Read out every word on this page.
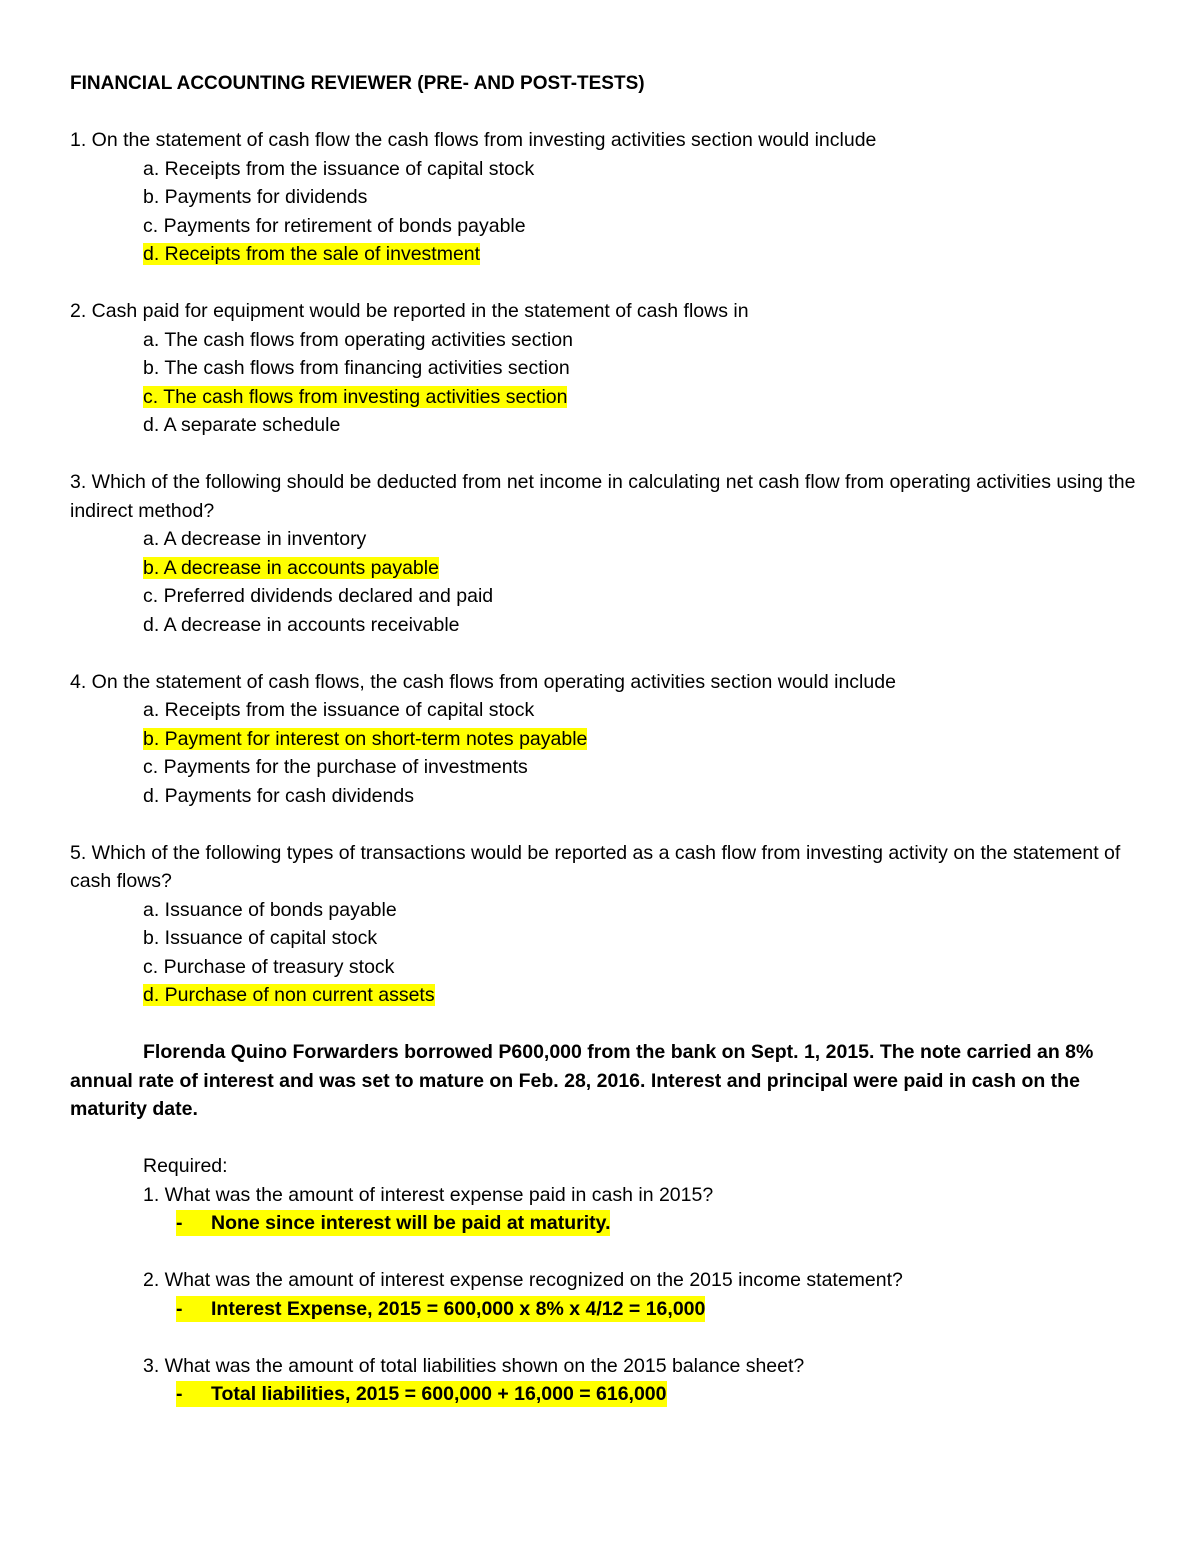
FINANCIAL ACCOUNTING REVIEWER (PRE- AND POST-TESTS)

1. On the statement of cash flow the cash flows from investing activities section would include

a. Receipts from the issuance of capital stock
b. Payments for dividends
c. Payments for retirement of bonds payable
d. Receipts from the sale of investment

2. Cash paid for equipment would be reported in the statement of cash flows in

a. The cash flows from operating activities section
b. The cash flows from financing activities section
c. The cash flows from investing activities section
d. A separate schedule

3. Which of the following should be deducted from net income in calculating net cash flow from operating activities using the indirect method?

a. A decrease in inventory
b. A decrease in accounts payable
c. Preferred dividends declared and paid
d. A decrease in accounts receivable

4. On the statement of cash flows, the cash flows from operating activities section would include

a. Receipts from the issuance of capital stock
b. Payment for interest on short-term notes payable
c. Payments for the purchase of investments
d. Payments for cash dividends

5. Which of the following types of transactions would be reported as a cash flow from investing activity on the statement of cash flows?

a. Issuance of bonds payable
b. Issuance of capital stock
c. Purchase of treasury stock
d. Purchase of non current assets

Florenda Quino Forwarders borrowed P600,000 from the bank on Sept. 1, 2015. The note carried an 8% annual rate of interest and was set to mature on Feb. 28, 2016. Interest and principal were paid in cash on the maturity date.

Required:

1. What was the amount of interest expense paid in cash in 2015?

- None since interest will be paid at maturity.

2. What was the amount of interest expense recognized on the 2015 income statement?

- Interest Expense, 2015 = 600,000 x 8% x 4/12 = 16,000

3. What was the amount of total liabilities shown on the 2015 balance sheet?

- Total liabilities, 2015 = 600,000 + 16,000 = 616,000
